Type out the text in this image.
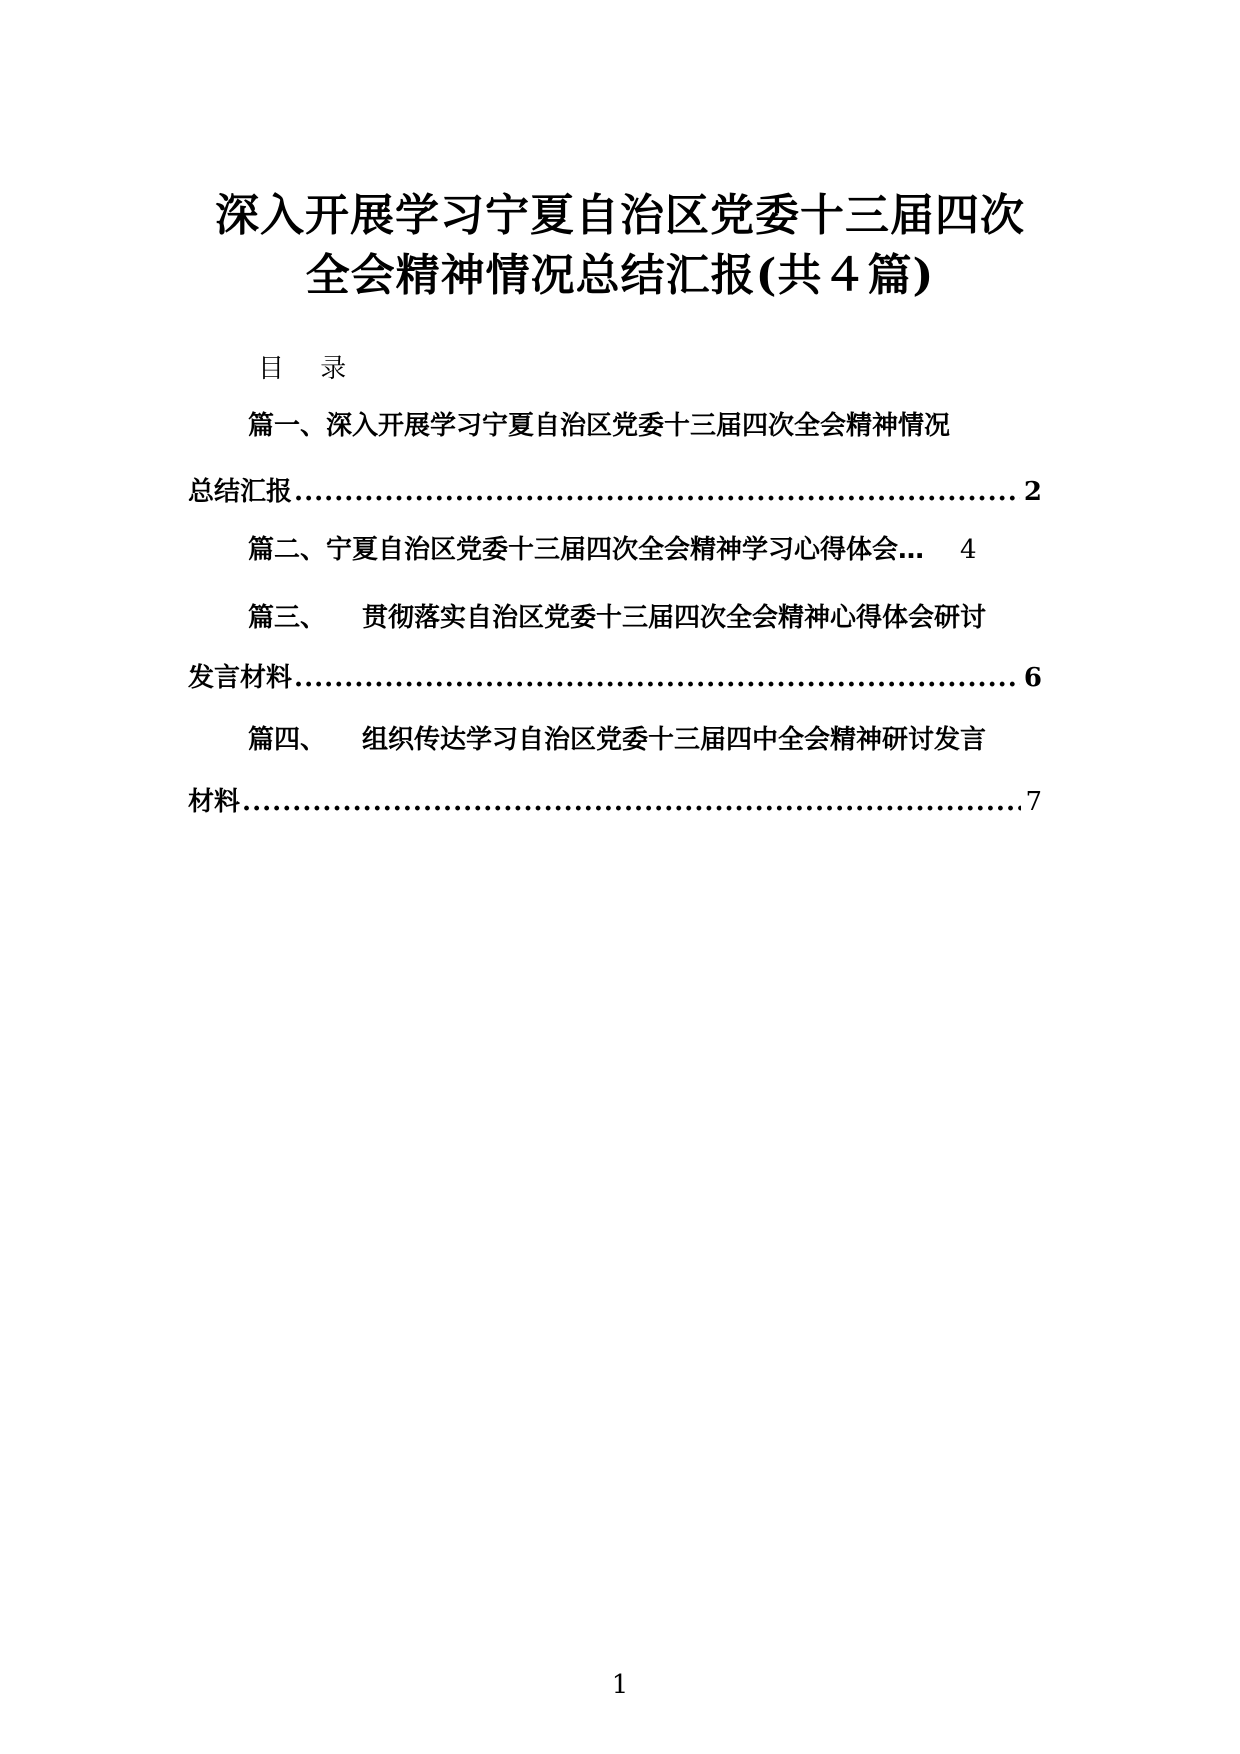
深入开展学习宁夏自治区党委十三届四次
全会精神情况总结汇报(共４篇)
目 录
篇一、 深入开展学习宁夏自治区党委十三届四次全会精神情况
总结汇报 .....	2
篇二、 宁夏自治区党委十三届四次全会精神学习心得体会… 4
篇三、 贯彻落实自治区党委十三届四次全会精神心得体会研讨
发言材料 .....	6
篇四、 组织传达学习自治区党委十三届四中全会精神研讨发言
材料 .....	7
1
